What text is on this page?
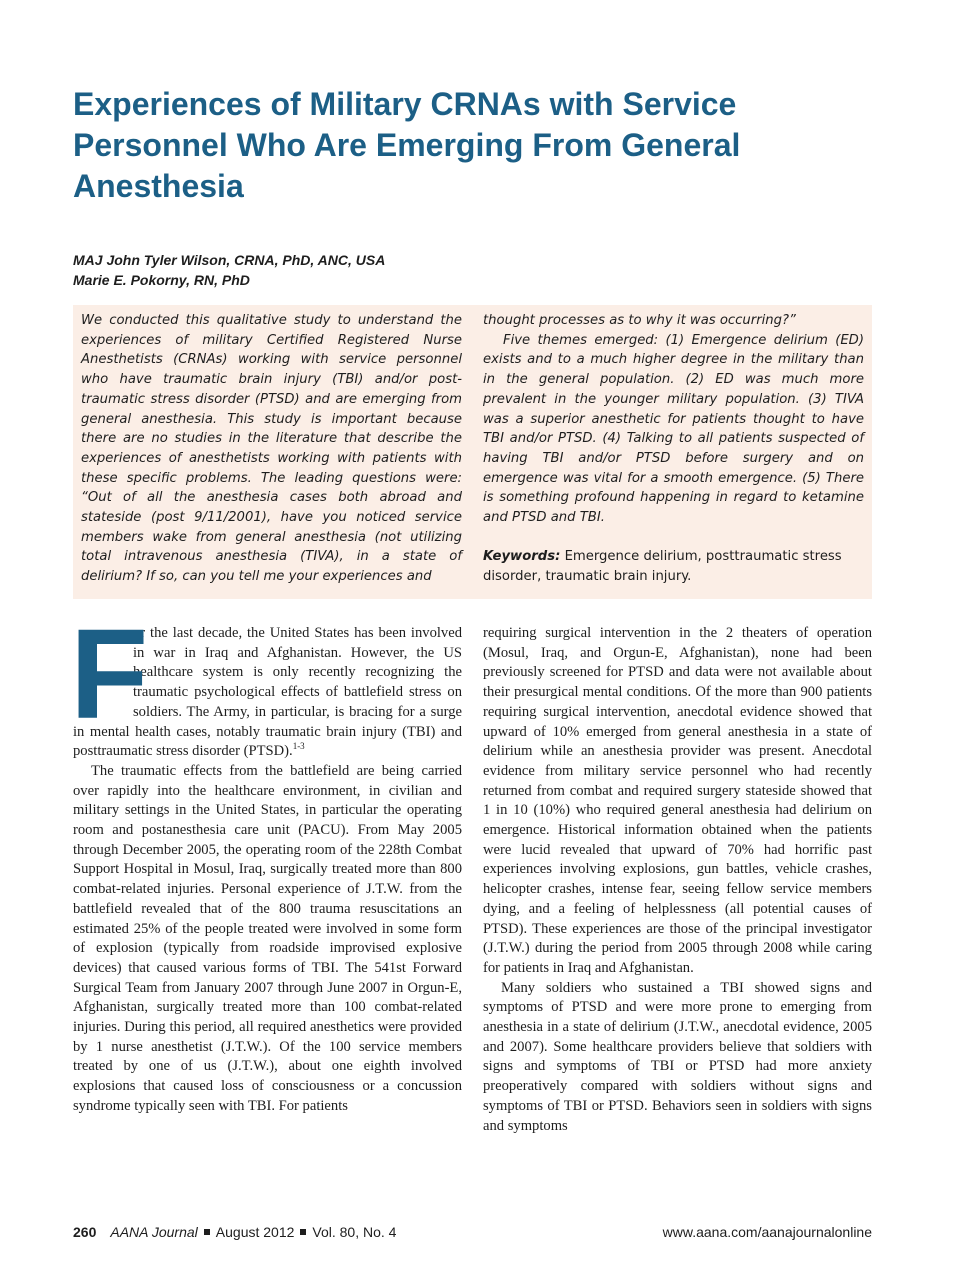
Experiences of Military CRNAs with Service Personnel Who Are Emerging From General Anesthesia
MAJ John Tyler Wilson, CRNA, PhD, ANC, USA
Marie E. Pokorny, RN, PhD
We conducted this qualitative study to understand the experiences of military Certified Registered Nurse Anesthetists (CRNAs) working with service personnel who have traumatic brain injury (TBI) and/or post-traumatic stress disorder (PTSD) and are emerging from general anesthesia. This study is important because there are no studies in the literature that describe the experiences of anesthetists working with patients with these specific problems. The leading questions were: “Out of all the anesthesia cases both abroad and stateside (post 9/11/2001), have you noticed service members wake from general anesthesia (not utilizing total intravenous anesthesia (TIVA), in a state of delirium? If so, can you tell me your experiences and

thought processes as to why it was occurring?”

Five themes emerged: (1) Emergence delirium (ED) exists and to a much higher degree in the military than in the general population. (2) ED was much more prevalent in the younger military population. (3) TIVA was a superior anesthetic for patients thought to have TBI and/or PTSD. (4) Talking to all patients suspected of having TBI and/or PTSD before surgery and on emergence was vital for a smooth emergence. (5) There is something profound happening in regard to ketamine and PTSD and TBI.

Keywords: Emergence delirium, posttraumatic stress disorder, traumatic brain injury.

F
or the last decade, the United States has been involved in war in Iraq and Afghanistan. However, the US healthcare system is only recently recognizing the traumatic psychological effects of battlefield stress on soldiers. The Army, in particular, is bracing for a surge in mental health cases, notably traumatic brain injury (TBI) and posttraumatic stress disorder (PTSD).$^{1-3}$

The traumatic effects from the battlefield are being carried over rapidly into the healthcare environment, in civilian and military settings in the United States, in particular the operating room and postanesthesia care unit (PACU). From May 2005 through December 2005, the operating room of the 228th Combat Support Hospital in Mosul, Iraq, surgically treated more than 800 combat-related injuries. Personal experience of J.T.W. from the battlefield revealed that of the 800 trauma resuscitations an estimated 25% of the people treated were involved in some form of explosion (typically from roadside improvised explosive devices) that caused various forms of TBI. The 541st Forward Surgical Team from January 2007 through June 2007 in Orgun-E, Afghanistan, surgically treated more than 100 combat-related injuries. During this period, all required anesthetics were provided by 1 nurse anesthetist (J.T.W.). Of the 100 service members treated by one of us (J.T.W.), about one eighth involved explosions that caused loss of consciousness or a concussion syndrome typically seen with TBI. For patients

requiring surgical intervention in the 2 theaters of operation (Mosul, Iraq, and Orgun-E, Afghanistan), none had been previously screened for PTSD and data were not available about their presurgical mental conditions. Of the more than 900 patients requiring surgical intervention, anecdotal evidence showed that upward of 10% emerged from general anesthesia in a state of delirium while an anesthesia provider was present. Anecdotal evidence from military service personnel who had recently returned from combat and required surgery stateside showed that 1 in 10 (10%) who required general anesthesia had delirium on emergence. Historical information obtained when the patients were lucid revealed that upward of 70% had horrific past experiences involving explosions, gun battles, vehicle crashes, helicopter crashes, intense fear, seeing fellow service members dying, and a feeling of helplessness (all potential causes of PTSD). These experiences are those of the principal investigator (J.T.W.) during the period from 2005 through 2008 while caring for patients in Iraq and Afghanistan.

Many soldiers who sustained a TBI showed signs and symptoms of PTSD and were more prone to emerging from anesthesia in a state of delirium (J.T.W., anecdotal evidence, 2005 and 2007). Some healthcare providers believe that soldiers with signs and symptoms of TBI or PTSD had more anxiety preoperatively compared with soldiers without signs and symptoms of TBI or PTSD. Behaviors seen in soldiers with signs and symptoms

260 AANA Journal August 2012 Vol. 80, No. 4	www.aana.com/aanajournalonline
